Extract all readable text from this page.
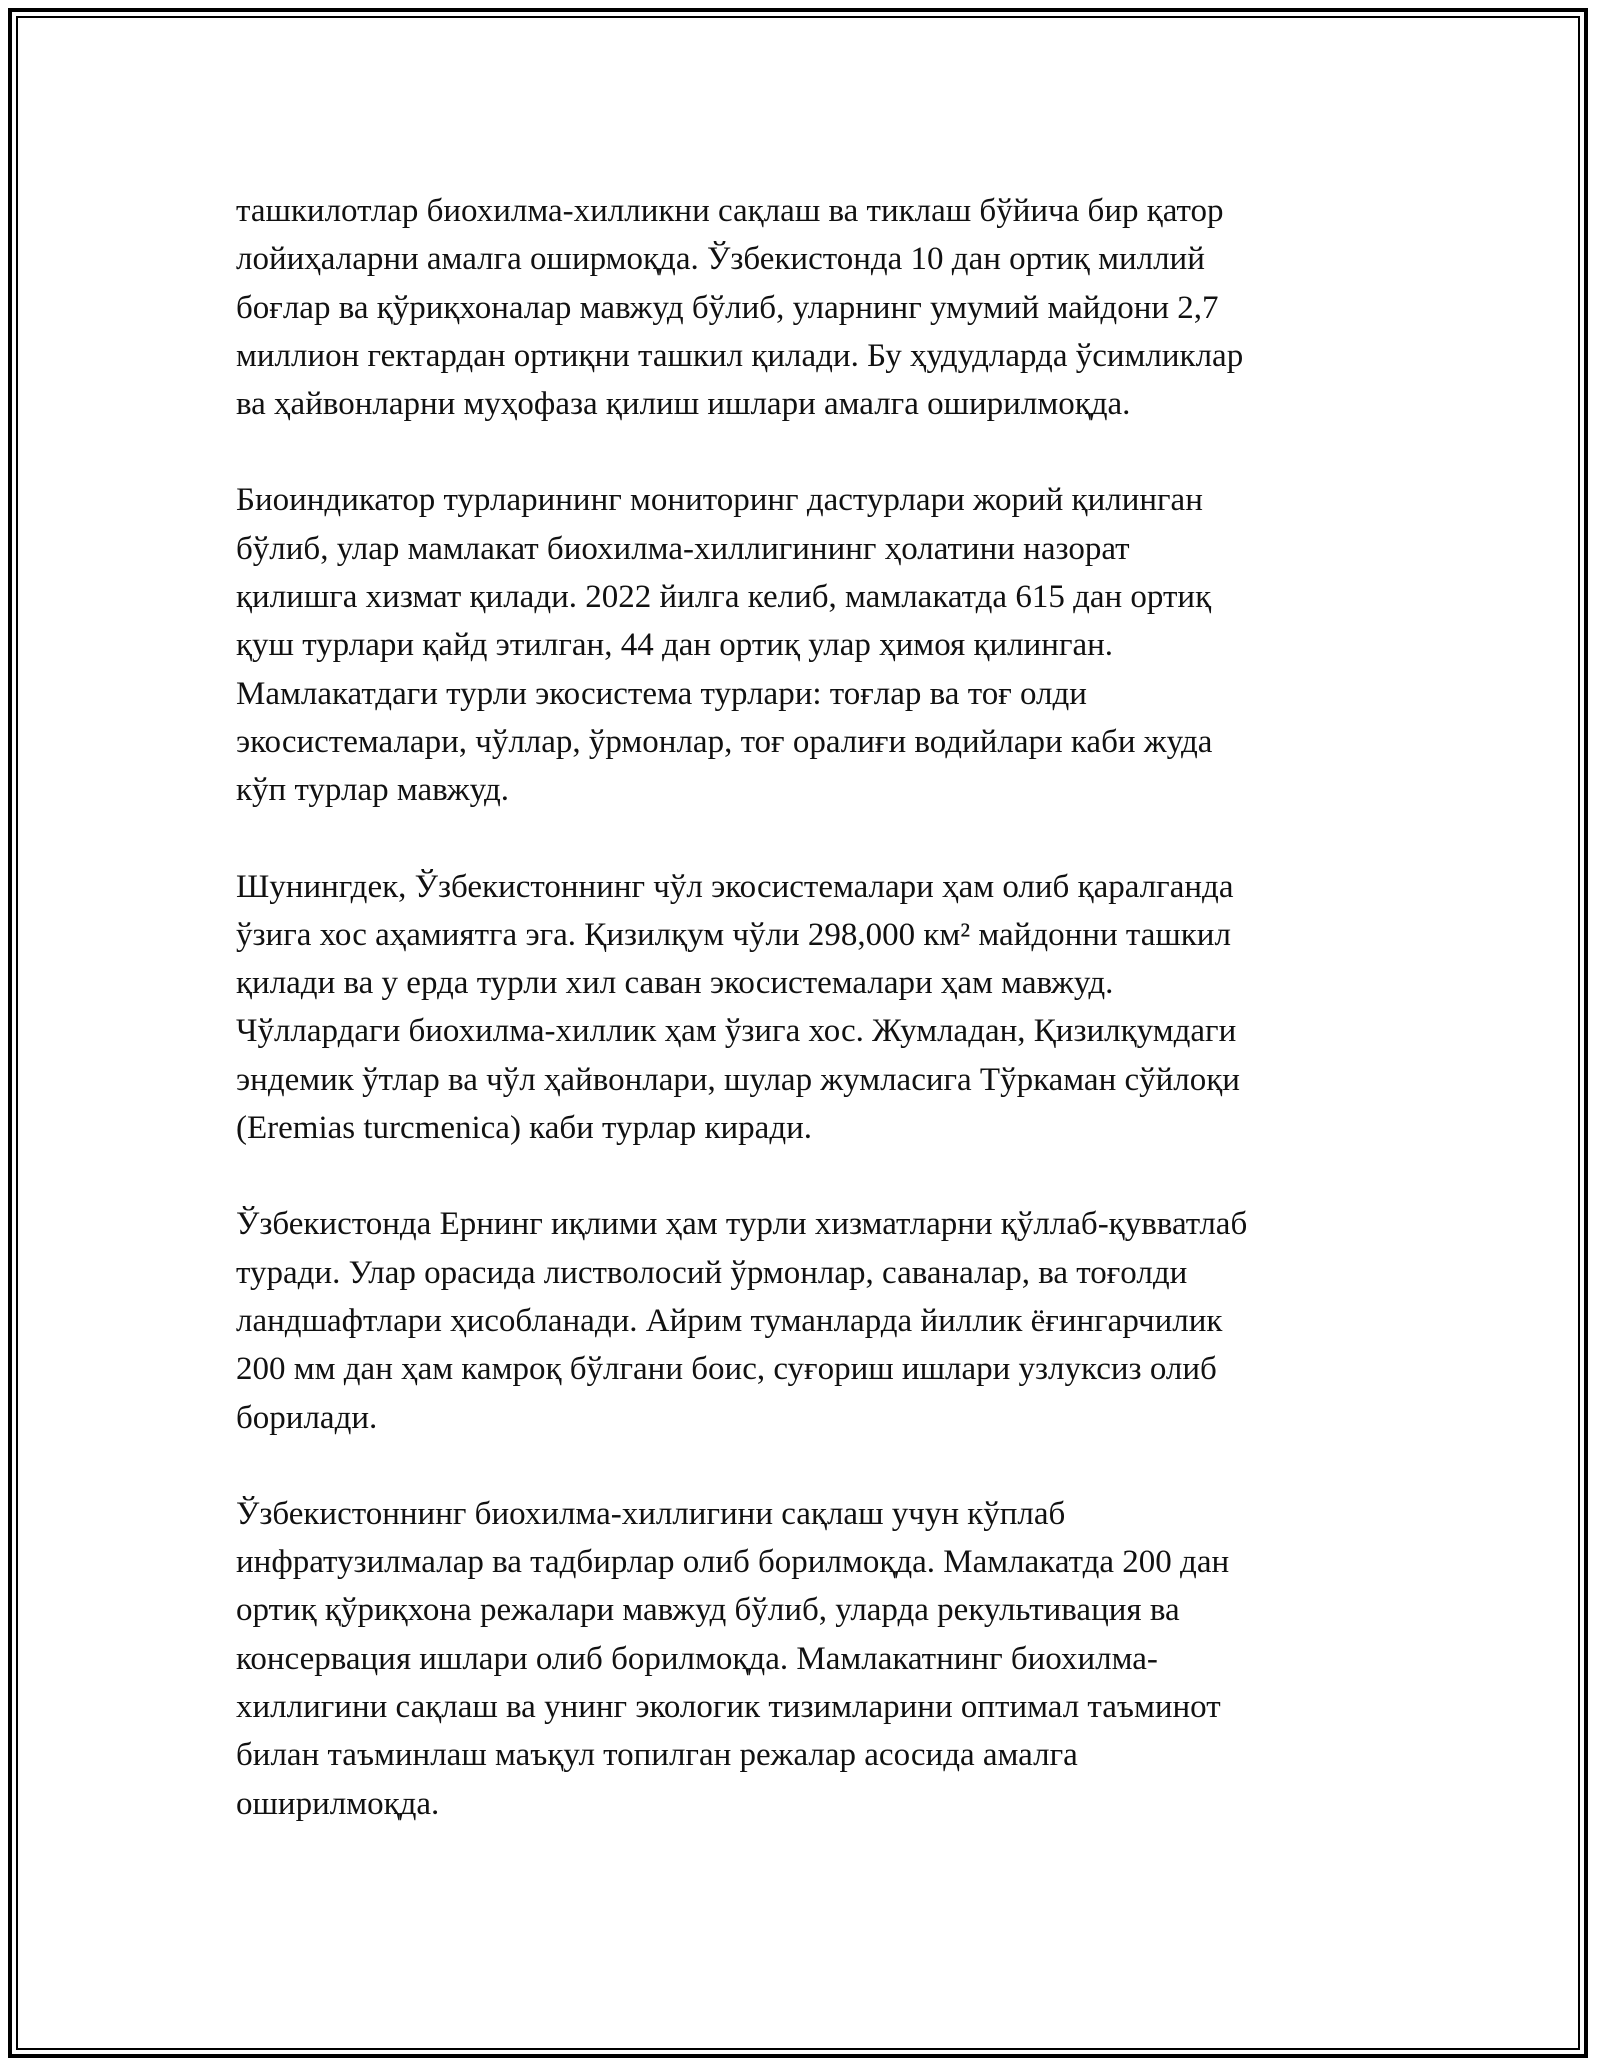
ташкилотлар биохилма-хилликни сақлаш ва тиклаш бўйича бир қатор
лойиҳаларни амалга оширмоқда. Ўзбекистонда 10 дан ортиқ миллий
боғлар ва қўриқхоналар мавжуд бўлиб, уларнинг умумий майдони 2,7
миллион гектардан ортиқни ташкил қилади. Бу ҳудудларда ўсимликлар
ва ҳайвонларни муҳофаза қилиш ишлари амалга оширилмоқда.

Биоиндикатор турларининг мониторинг дастурлари жорий қилинган
бўлиб, улар мамлакат биохилма-хиллигининг ҳолатини назорат
қилишга хизмат қилади. 2022 йилга келиб, мамлакатда 615 дан ортиқ
қуш турлари қайд этилган, 44 дан ортиқ улар ҳимоя қилинган.
Мамлакатдаги турли экосистема турлари: тоғлар ва тоғ олди
экосистемалари, чўллар, ўрмонлар, тоғ оралиғи водийлари каби жуда
кўп турлар мавжуд.

Шунингдек, Ўзбекистоннинг чўл экосистемалари ҳам олиб қаралганда
ўзига хос аҳамиятга эга. Қизилқум чўли 298,000 км² майдонни ташкил
қилади ва у ерда турли хил саван экосистемалари ҳам мавжуд.
Чўллардаги биохилма-хиллик ҳам ўзига хос. Жумладан, Қизилқумдаги
эндемик ўтлар ва чўл ҳайвонлари, шулар жумласига Тўркаман сўйлоқи
(Eremias turcmenica) каби турлар киради.

Ўзбекистонда Ернинг иқлими ҳам турли хизматларни қўллаб-қувватлаб
туради. Улар орасида листволосий ўрмонлар, саваналар, ва тоғолди
ландшафтлари ҳисобланади. Айрим туманларда йиллик ёғингарчилик
200 мм дан ҳам камроқ бўлгани боис, суғориш ишлари узлуксиз олиб
борилади.

Ўзбекистоннинг биохилма-хиллигини сақлаш учун кўплаб
инфратузилмалар ва тадбирлар олиб борилмоқда. Мамлакатда 200 дан
ортиқ қўриқхона режалари мавжуд бўлиб, уларда рекультивация ва
консервация ишлари олиб борилмоқда. Мамлакатнинг биохилма-
хиллигини сақлаш ва унинг экологик тизимларини оптимал таъминот
билан таъминлаш маъқул топилган режалар асосида амалга
оширилмоқда.
